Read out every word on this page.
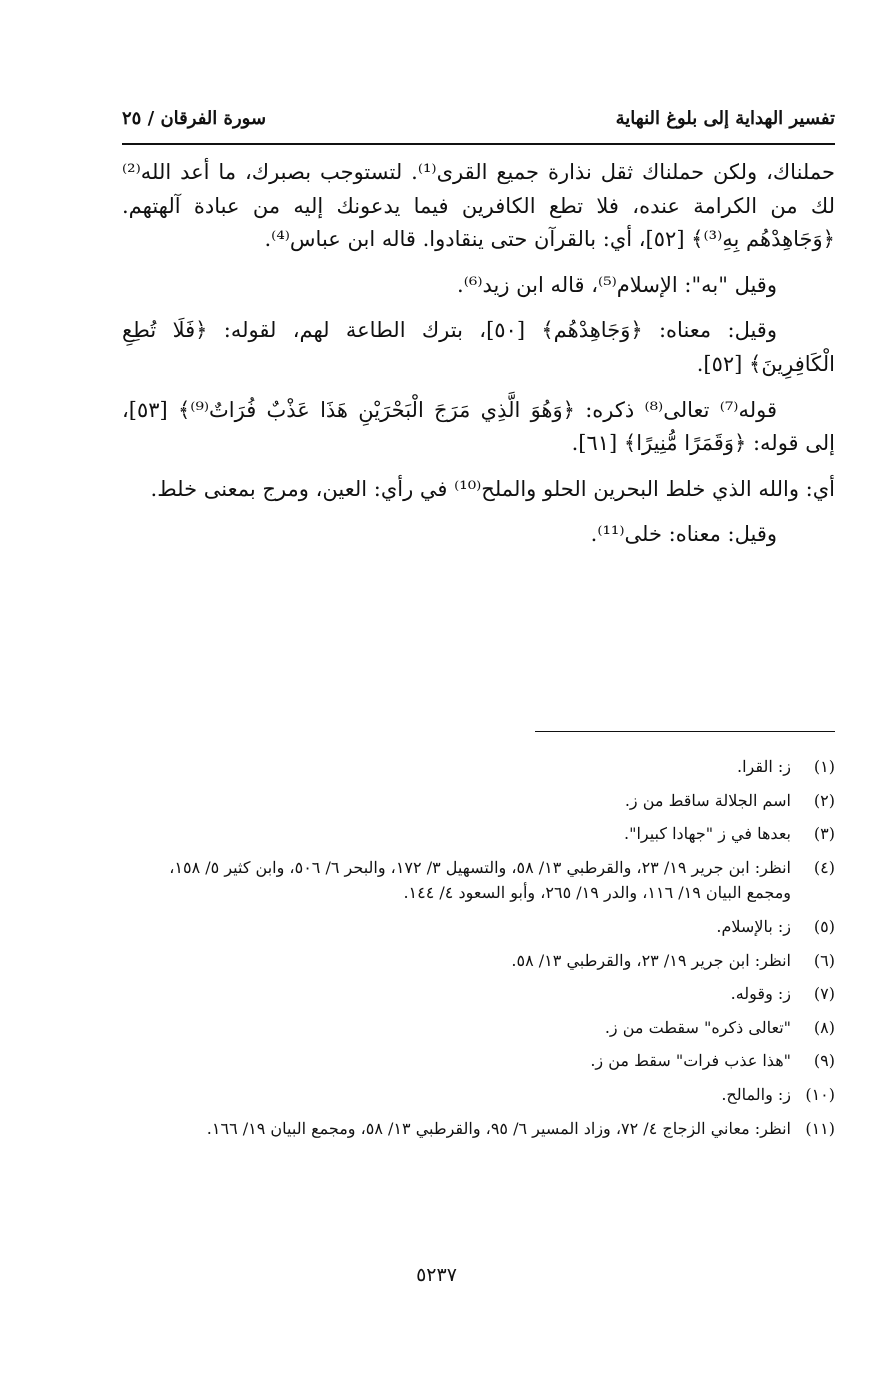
تفسير الهداية إلى بلوغ النهاية
سورة الفرقان / ٢٥

حملناك، ولكن حملناك ثقل نذارة جميع القرى⁽¹⁾. لتستوجب بصبرك، ما أعد الله⁽²⁾ لك من الكرامة عنده، فلا تطع الكافرين فيما يدعونك إليه من عبادة آلهتهم. ﴿وَجَاهِدْهُم بِهِ⁽³⁾﴾ [٥٢]، أي: بالقرآن حتى ينقادوا. قاله ابن عباس⁽⁴⁾.

وقيل "به": الإسلام⁽⁵⁾، قاله ابن زيد⁽⁶⁾.

وقيل: معناه: ﴿وَجَاهِدْهُم﴾ [٥٠]، بترك الطاعة لهم، لقوله: ﴿فَلَا تُطِعِ الْكَافِرِينَ﴾ [٥٢].

قوله⁽⁷⁾ تعالى⁽⁸⁾ ذكره: ﴿وَهُوَ الَّذِي مَرَجَ الْبَحْرَيْنِ هَذَا عَذْبٌ فُرَاتٌ⁽⁹⁾﴾ [٥٣]، إلى قوله: ﴿وَقَمَرًا مُّنِيرًا﴾ [٦١].

أي: والله الذي خلط البحرين الحلو والملح⁽¹⁰⁾ في رأي: العين، ومرج بمعنى خلط.

وقيل: معناه: خلى⁽¹¹⁾.

(١)
ز: القرا.
(٢)
اسم الجلالة ساقط من ز.
(٣)
بعدها في ز "جهادا كبيرا".
(٤)
انظر: ابن جرير ١٩/ ٢٣، والقرطبي ١٣/ ٥٨، والتسهيل ٣/ ١٧٢، والبحر ٦/ ٥٠٦، وابن كثير ٥/ ١٥٨، ومجمع البيان ١٩/ ١١٦، والدر ١٩/ ٢٦٥، وأبو السعود ٤/ ١٤٤.
(٥)
ز: بالإسلام.
(٦)
انظر: ابن جرير ١٩/ ٢٣، والقرطبي ١٣/ ٥٨.
(٧)
ز: وقوله.
(٨)
"تعالى ذكره" سقطت من ز.
(٩)
"هذا عذب فرات" سقط من ز.
(١٠)
ز: والمالح.
(١١)
انظر: معاني الزجاج ٤/ ٧٢، وزاد المسير ٦/ ٩٥، والقرطبي ١٣/ ٥٨، ومجمع البيان ١٩/ ١٦٦.
٥٢٣٧
